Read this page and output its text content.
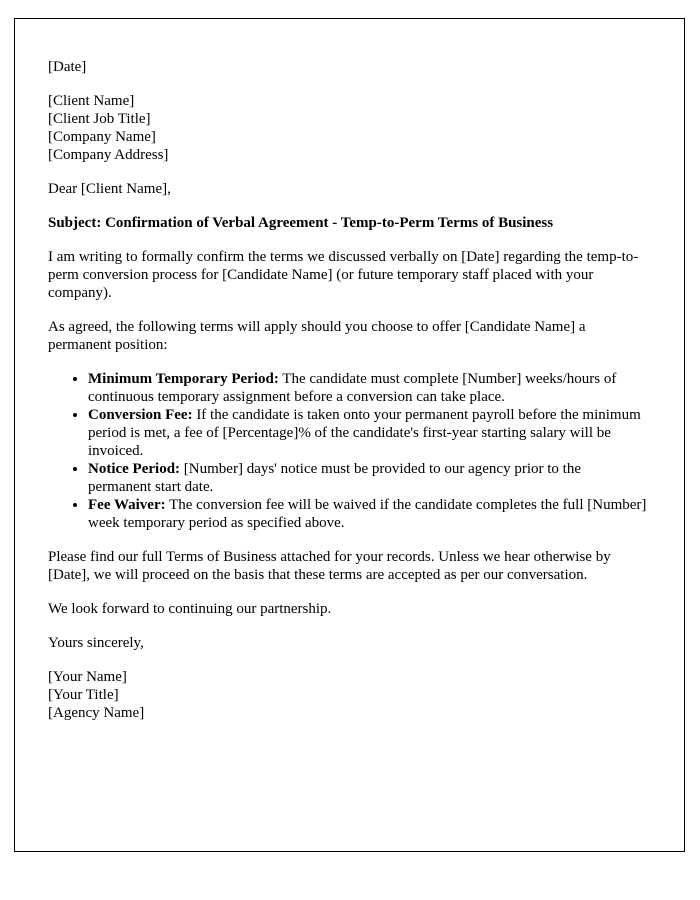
[Date]
[Client Name]
[Client Job Title]
[Company Name]
[Company Address]

Dear [Client Name],

Subject: Confirmation of Verbal Agreement - Temp-to-Perm Terms of Business

I am writing to formally confirm the terms we discussed verbally on [Date] regarding the temp-to-perm conversion process for [Candidate Name] (or future temporary staff placed with your company).

As agreed, the following terms will apply should you choose to offer [Candidate Name] a permanent position:

• Minimum Temporary Period: The candidate must complete [Number] weeks/hours of continuous temporary assignment before a conversion can take place.
• Conversion Fee: If the candidate is taken onto your permanent payroll before the minimum period is met, a fee of [Percentage]% of the candidate's first-year starting salary will be invoiced.
• Notice Period: [Number] days' notice must be provided to our agency prior to the permanent start date.
• Fee Waiver: The conversion fee will be waived if the candidate completes the full [Number] week temporary period as specified above.

Please find our full Terms of Business attached for your records. Unless we hear otherwise by [Date], we will proceed on the basis that these terms are accepted as per our conversation.

We look forward to continuing our partnership.

Yours sincerely,

[Your Name]
[Your Title]
[Agency Name]
